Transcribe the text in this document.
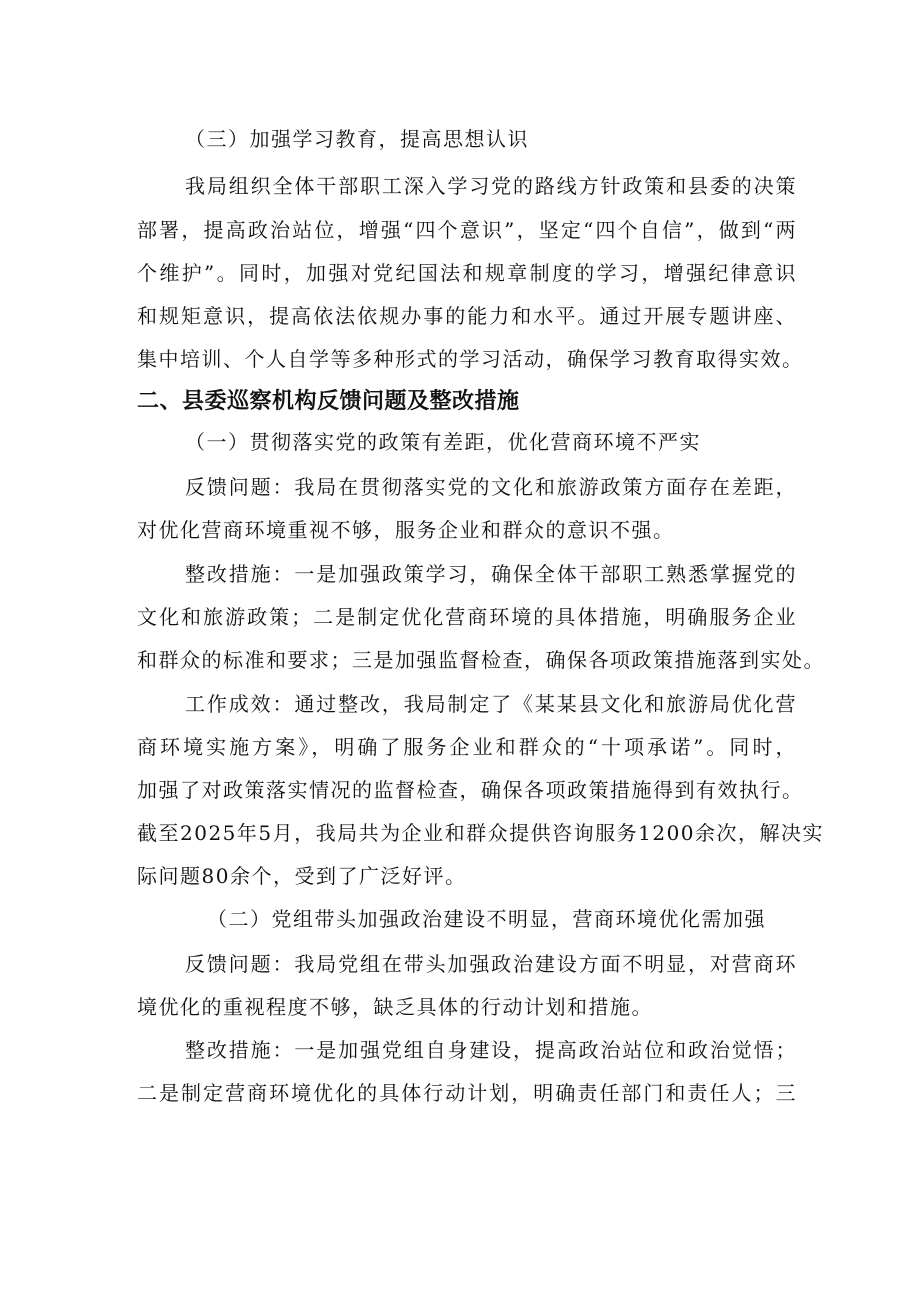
（三）加强学习教育，提高思想认识
我局组织全体干部职工深入学习党的路线方针政策和县委的决策
部署，提高政治站位，增强“四个意识”，坚定“四个自信”，做到“两
个维护”。同时，加强对党纪国法和规章制度的学习，增强纪律意识
和规矩意识，提高依法依规办事的能力和水平。通过开展专题讲座、
集中培训、个人自学等多种形式的学习活动，确保学习教育取得实效。
二、县委巡察机构反馈问题及整改措施
（一）贯彻落实党的政策有差距，优化营商环境不严实
反馈问题：我局在贯彻落实党的文化和旅游政策方面存在差距，
对优化营商环境重视不够，服务企业和群众的意识不强。
整改措施：一是加强政策学习，确保全体干部职工熟悉掌握党的
文化和旅游政策；二是制定优化营商环境的具体措施，明确服务企业
和群众的标准和要求；三是加强监督检查，确保各项政策措施落到实处。
工作成效：通过整改，我局制定了《某某县文化和旅游局优化营
商环境实施方案》，明确了服务企业和群众的“十项承诺”。同时，
加强了对政策落实情况的监督检查，确保各项政策措施得到有效执行。
截至2025年5月，我局共为企业和群众提供咨询服务1200余次，解决实
际问题80余个，受到了广泛好评。
（二）党组带头加强政治建设不明显，营商环境优化需加强
反馈问题：我局党组在带头加强政治建设方面不明显，对营商环
境优化的重视程度不够，缺乏具体的行动计划和措施。
整改措施：一是加强党组自身建设，提高政治站位和政治觉悟；
二是制定营商环境优化的具体行动计划，明确责任部门和责任人；三
